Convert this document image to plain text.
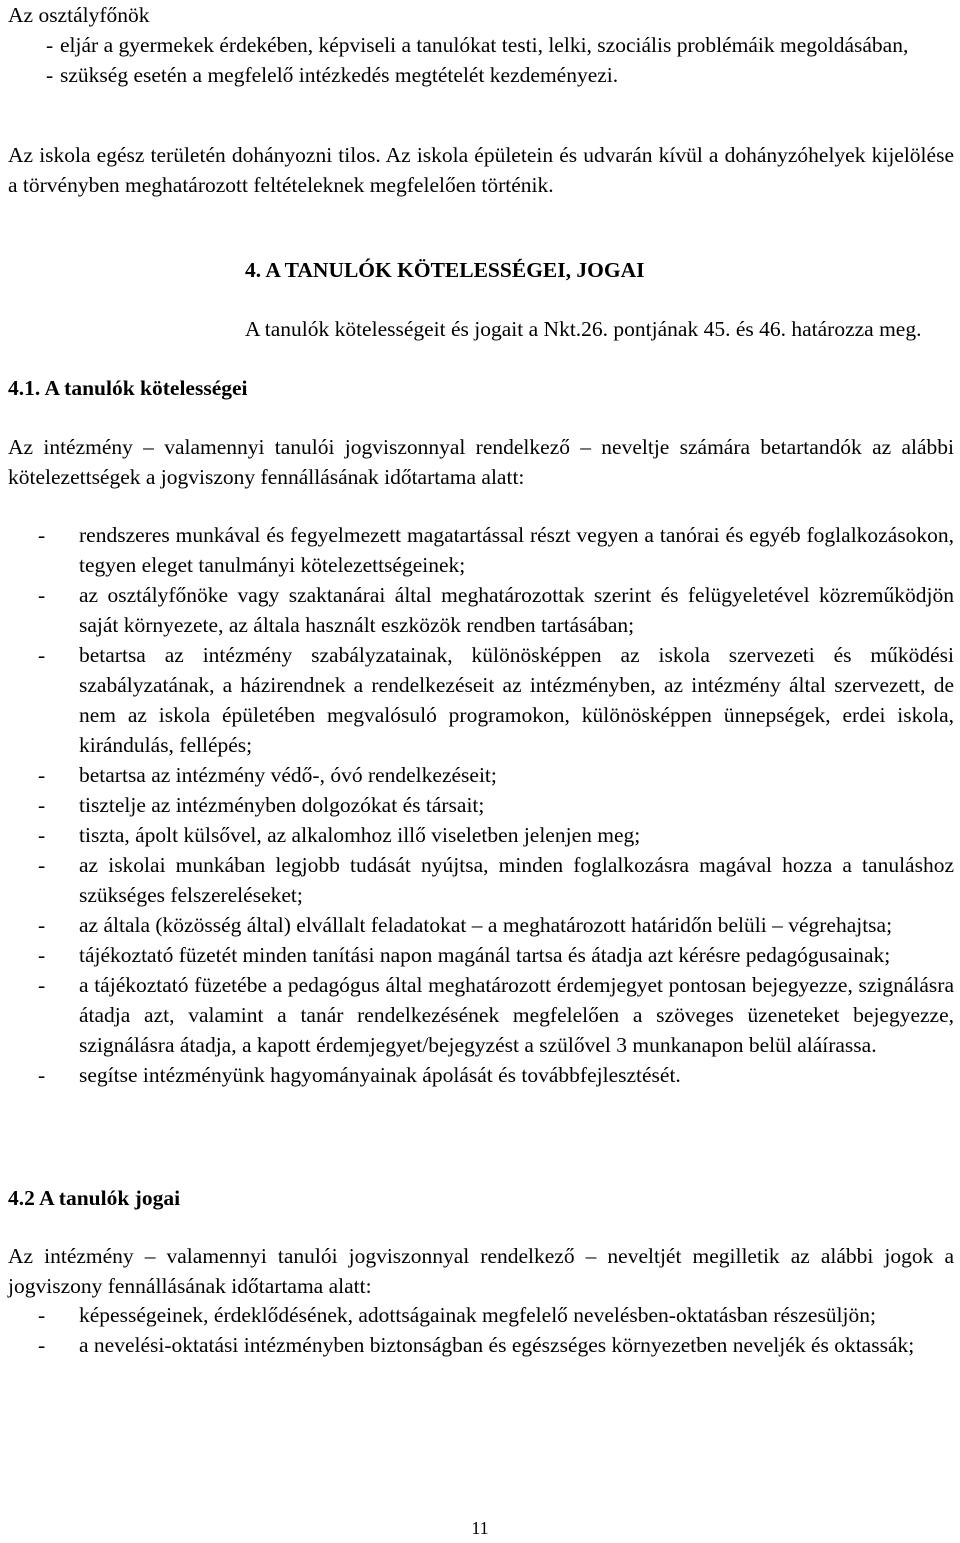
Az osztályfőnök

- eljár a gyermekek érdekében, képviseli a tanulókat testi, lelki, szociális problémáik megoldásában,
- szükség esetén a megfelelő intézkedés megtételét kezdeményezi.

Az iskola egész területén dohányozni tilos. Az iskola épületein és udvarán kívül a dohányzóhelyek kijelölése a törvényben meghatározott feltételeknek megfelelően történik.

4. A TANULÓK KÖTELESSÉGEI, JOGAI
A tanulók kötelességeit és jogait a Nkt.26. pontjának 45. és 46. határozza meg.
4.1. A tanulók kötelességei

Az intézmény – valamennyi tanulói jogviszonnyal rendelkező – neveltje számára betartandók az alábbi kötelezettségek a jogviszony fennállásának időtartama alatt:

- rendszeres munkával és fegyelmezett magatartással részt vegyen a tanórai és egyéb foglalkozásokon, tegyen eleget tanulmányi kötelezettségeinek;
- az osztályfőnöke vagy szaktanárai által meghatározottak szerint és felügyeletével közreműködjön saját környezete, az általa használt eszközök rendben tartásában;
- betartsa az intézmény szabályzatainak, különösképpen az iskola szervezeti és működési szabályzatának, a házirendnek a rendelkezéseit az intézményben, az intézmény által szervezett, de nem az iskola épületében megvalósuló programokon, különösképpen ünnepségek, erdei iskola, kirándulás, fellépés;
- betartsa az intézmény védő-, óvó rendelkezéseit;
- tisztelje az intézményben dolgozókat és társait;
- tiszta, ápolt külsővel, az alkalomhoz illő viseletben jelenjen meg;
- az iskolai munkában legjobb tudását nyújtsa, minden foglalkozásra magával hozza a tanuláshoz szükséges felszereléseket;
- az általa (közösség által) elvállalt feladatokat – a meghatározott határidőn belüli – végrehajtsa;
- tájékoztató füzetét minden tanítási napon magánál tartsa és átadja azt kérésre pedagógusainak;
- a tájékoztató füzetébe a pedagógus által meghatározott érdemjegyet pontosan bejegyezze, szignálásra átadja azt, valamint a tanár rendelkezésének megfelelően a szöveges üzeneteket bejegyezze, szignálásra átadja, a kapott érdemjegyet/bejegyzést a szülővel 3 munkanapon belül aláírassa.
- segítse intézményünk hagyományainak ápolását és továbbfejlesztését.
4.2 A tanulók jogai

Az intézmény – valamennyi tanulói jogviszonnyal rendelkező – neveltjét megilletik az alábbi jogok a jogviszony fennállásának időtartama alatt:

- képességeinek, érdeklődésének, adottságainak megfelelő nevelésben-oktatásban részesüljön;
- a nevelési-oktatási intézményben biztonságban és egészséges környezetben neveljék és oktassák;
11
